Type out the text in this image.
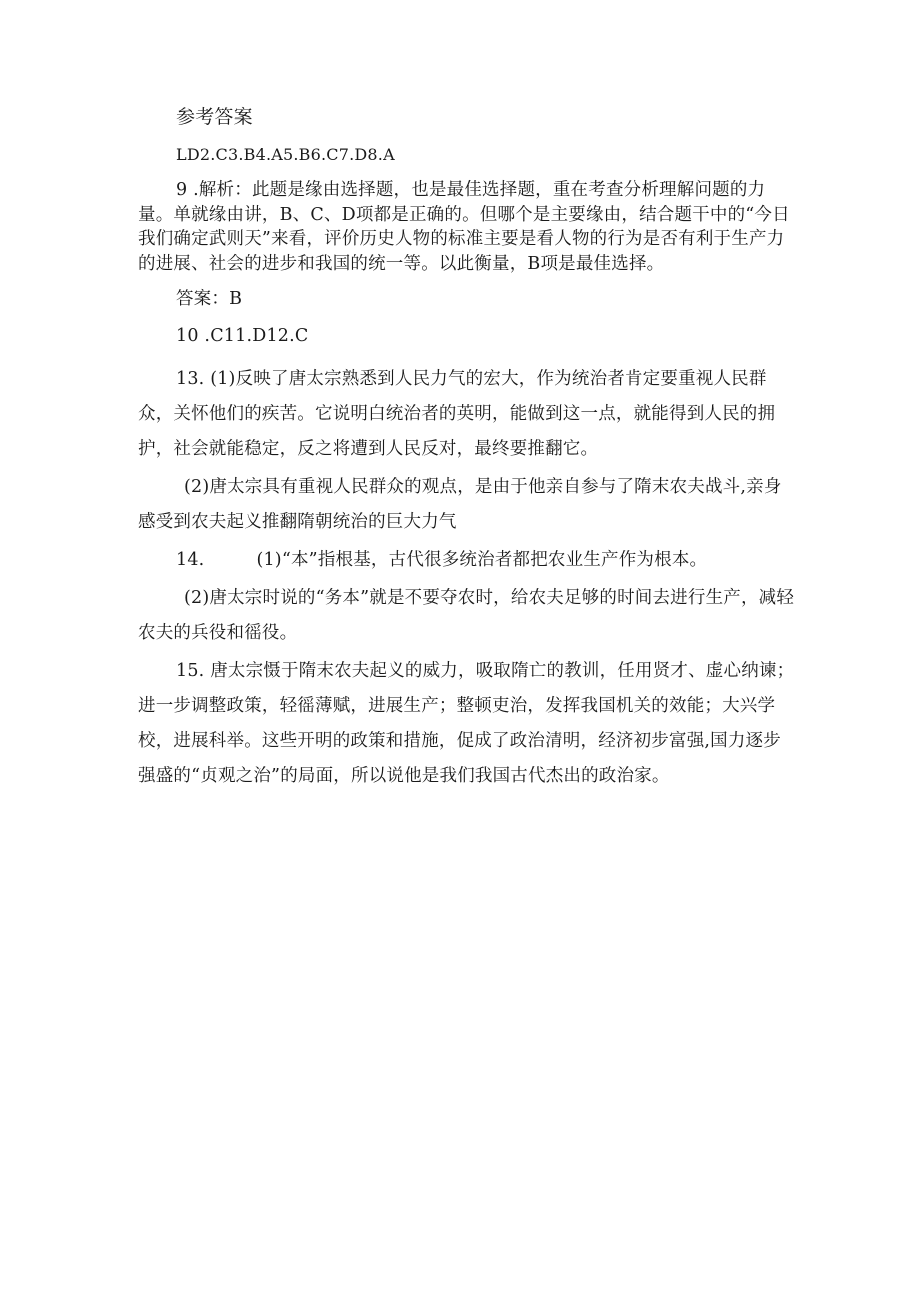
参考答案

LD2.C3.B4.A5.B6.C7.D8.A

9 .解析：此题是缘由选择题，也是最佳选择题，重在考查分析理解问题的力量。单就缘由讲，B、C、D项都是正确的。但哪个是主要缘由，结合题干中的“今日我们确定武则天”来看，评价历史人物的标准主要是看人物的行为是否有利于生产力的进展、社会的进步和我国的统一等。以此衡量，B项是最佳选择。

答案：B

10 .C11.D12.C

13. (1)反映了唐太宗熟悉到人民力气的宏大，作为统治者肯定要重视人民群众，关怀他们的疾苦。它说明白统治者的英明，能做到这一点，就能得到人民的拥护，社会就能稳定，反之将遭到人民反对，最终要推翻它。

(2)唐太宗具有重视人民群众的观点，是由于他亲自参与了隋末农夫战斗,亲身感受到农夫起义推翻隋朝统治的巨大力气

14.	(1)“本”指根基，古代很多统治者都把农业生产作为根本。

(2)唐太宗时说的“务本”就是不要夺农时，给农夫足够的时间去进行生产，减轻农夫的兵役和徭役。

15. 唐太宗慑于隋末农夫起义的威力，吸取隋亡的教训，任用贤才、虚心纳谏；进一步调整政策，轻徭薄赋，进展生产；整顿吏治，发挥我国机关的效能；大兴学校，进展科举。这些开明的政策和措施，促成了政治清明，经济初步富强,国力逐步强盛的“贞观之治”的局面，所以说他是我们我国古代杰出的政治家。
